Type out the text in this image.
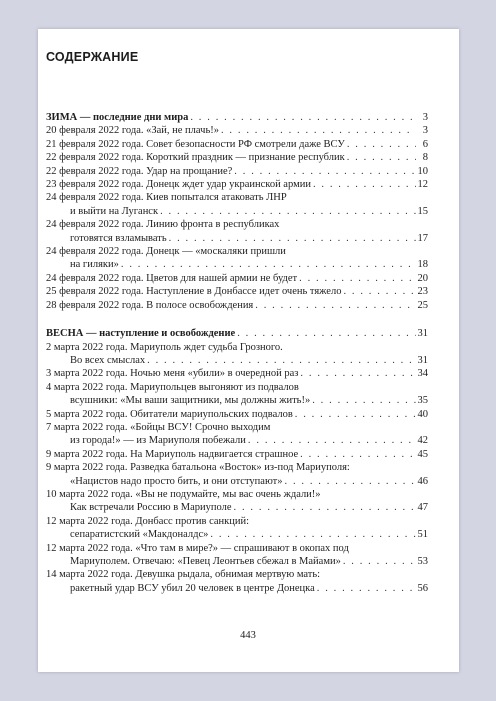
СОДЕРЖАНИЕ
ЗИМА — последние дни мира . . .	3
20 февраля 2022 года. «Зай, не плачь!» . . .	3
21 февраля 2022 года. Совет безопасности РФ смотрели даже ВСУ . . .	6
22 февраля 2022 года. Короткий праздник — признание республик . . .	8
22 февраля 2022 года. Удар на прощание? . . .	10
23 февраля 2022 года. Донецк ждет удар украинской армии . . .	12
24 февраля 2022 года. Киев попытался атаковать ЛНР
и выйти на Луганск . . .	15
24 февраля 2022 года. Линию фронта в республиках
готовятся взламывать . . .	17
24 февраля 2022 года. Донецк — «москаляки пришли
на гиляки» . . .	18
24 февраля 2022 года. Цветов для нашей армии не будет . . .	20
25 февраля 2022 года. Наступление в Донбассе идет очень тяжело . . .	23
28 февраля 2022 года. В полосе освобождения . . .	25
ВЕСНА — наступление и освобождение . . .	31
2 марта 2022 года. Мариуполь ждет судьба Грозного.
Во всех смыслах . . .	31
3 марта 2022 года. Ночью меня «убили» в очередной раз . . .	34
4 марта 2022 года. Мариупольцев выгоняют из подвалов
всушники: «Мы ваши защитники, мы должны жить!» . . .	35
5 марта 2022 года. Обитатели мариупольских подвалов . . .	40
7 марта 2022 года. «Бойцы ВСУ! Срочно выходим
из города!» — из Мариуполя побежали . . .	42
9 марта 2022 года. На Мариуполь надвигается страшное . . .	45
9 марта 2022 года. Разведка батальона «Восток» из-под Мариуполя:
«Нацистов надо просто бить, и они отступают» . . .	46
10 марта 2022 года. «Вы не подумайте, мы вас очень ждали!»
Как встречали Россию в Мариуполе . . .	47
12 марта 2022 года. Донбасс против санкций:
сепаратистский «Макдоналдс» . . .	51
12 марта 2022 года. «Что там в мире?» — спрашивают в окопах под
Мариуполем. Отвечаю: «Певец Леонтьев сбежал в Майами» . . .	53
14 марта 2022 года. Девушка рыдала, обнимая мертвую мать:
ракетный удар ВСУ убил 20 человек в центре Донецка . . .	56
443
